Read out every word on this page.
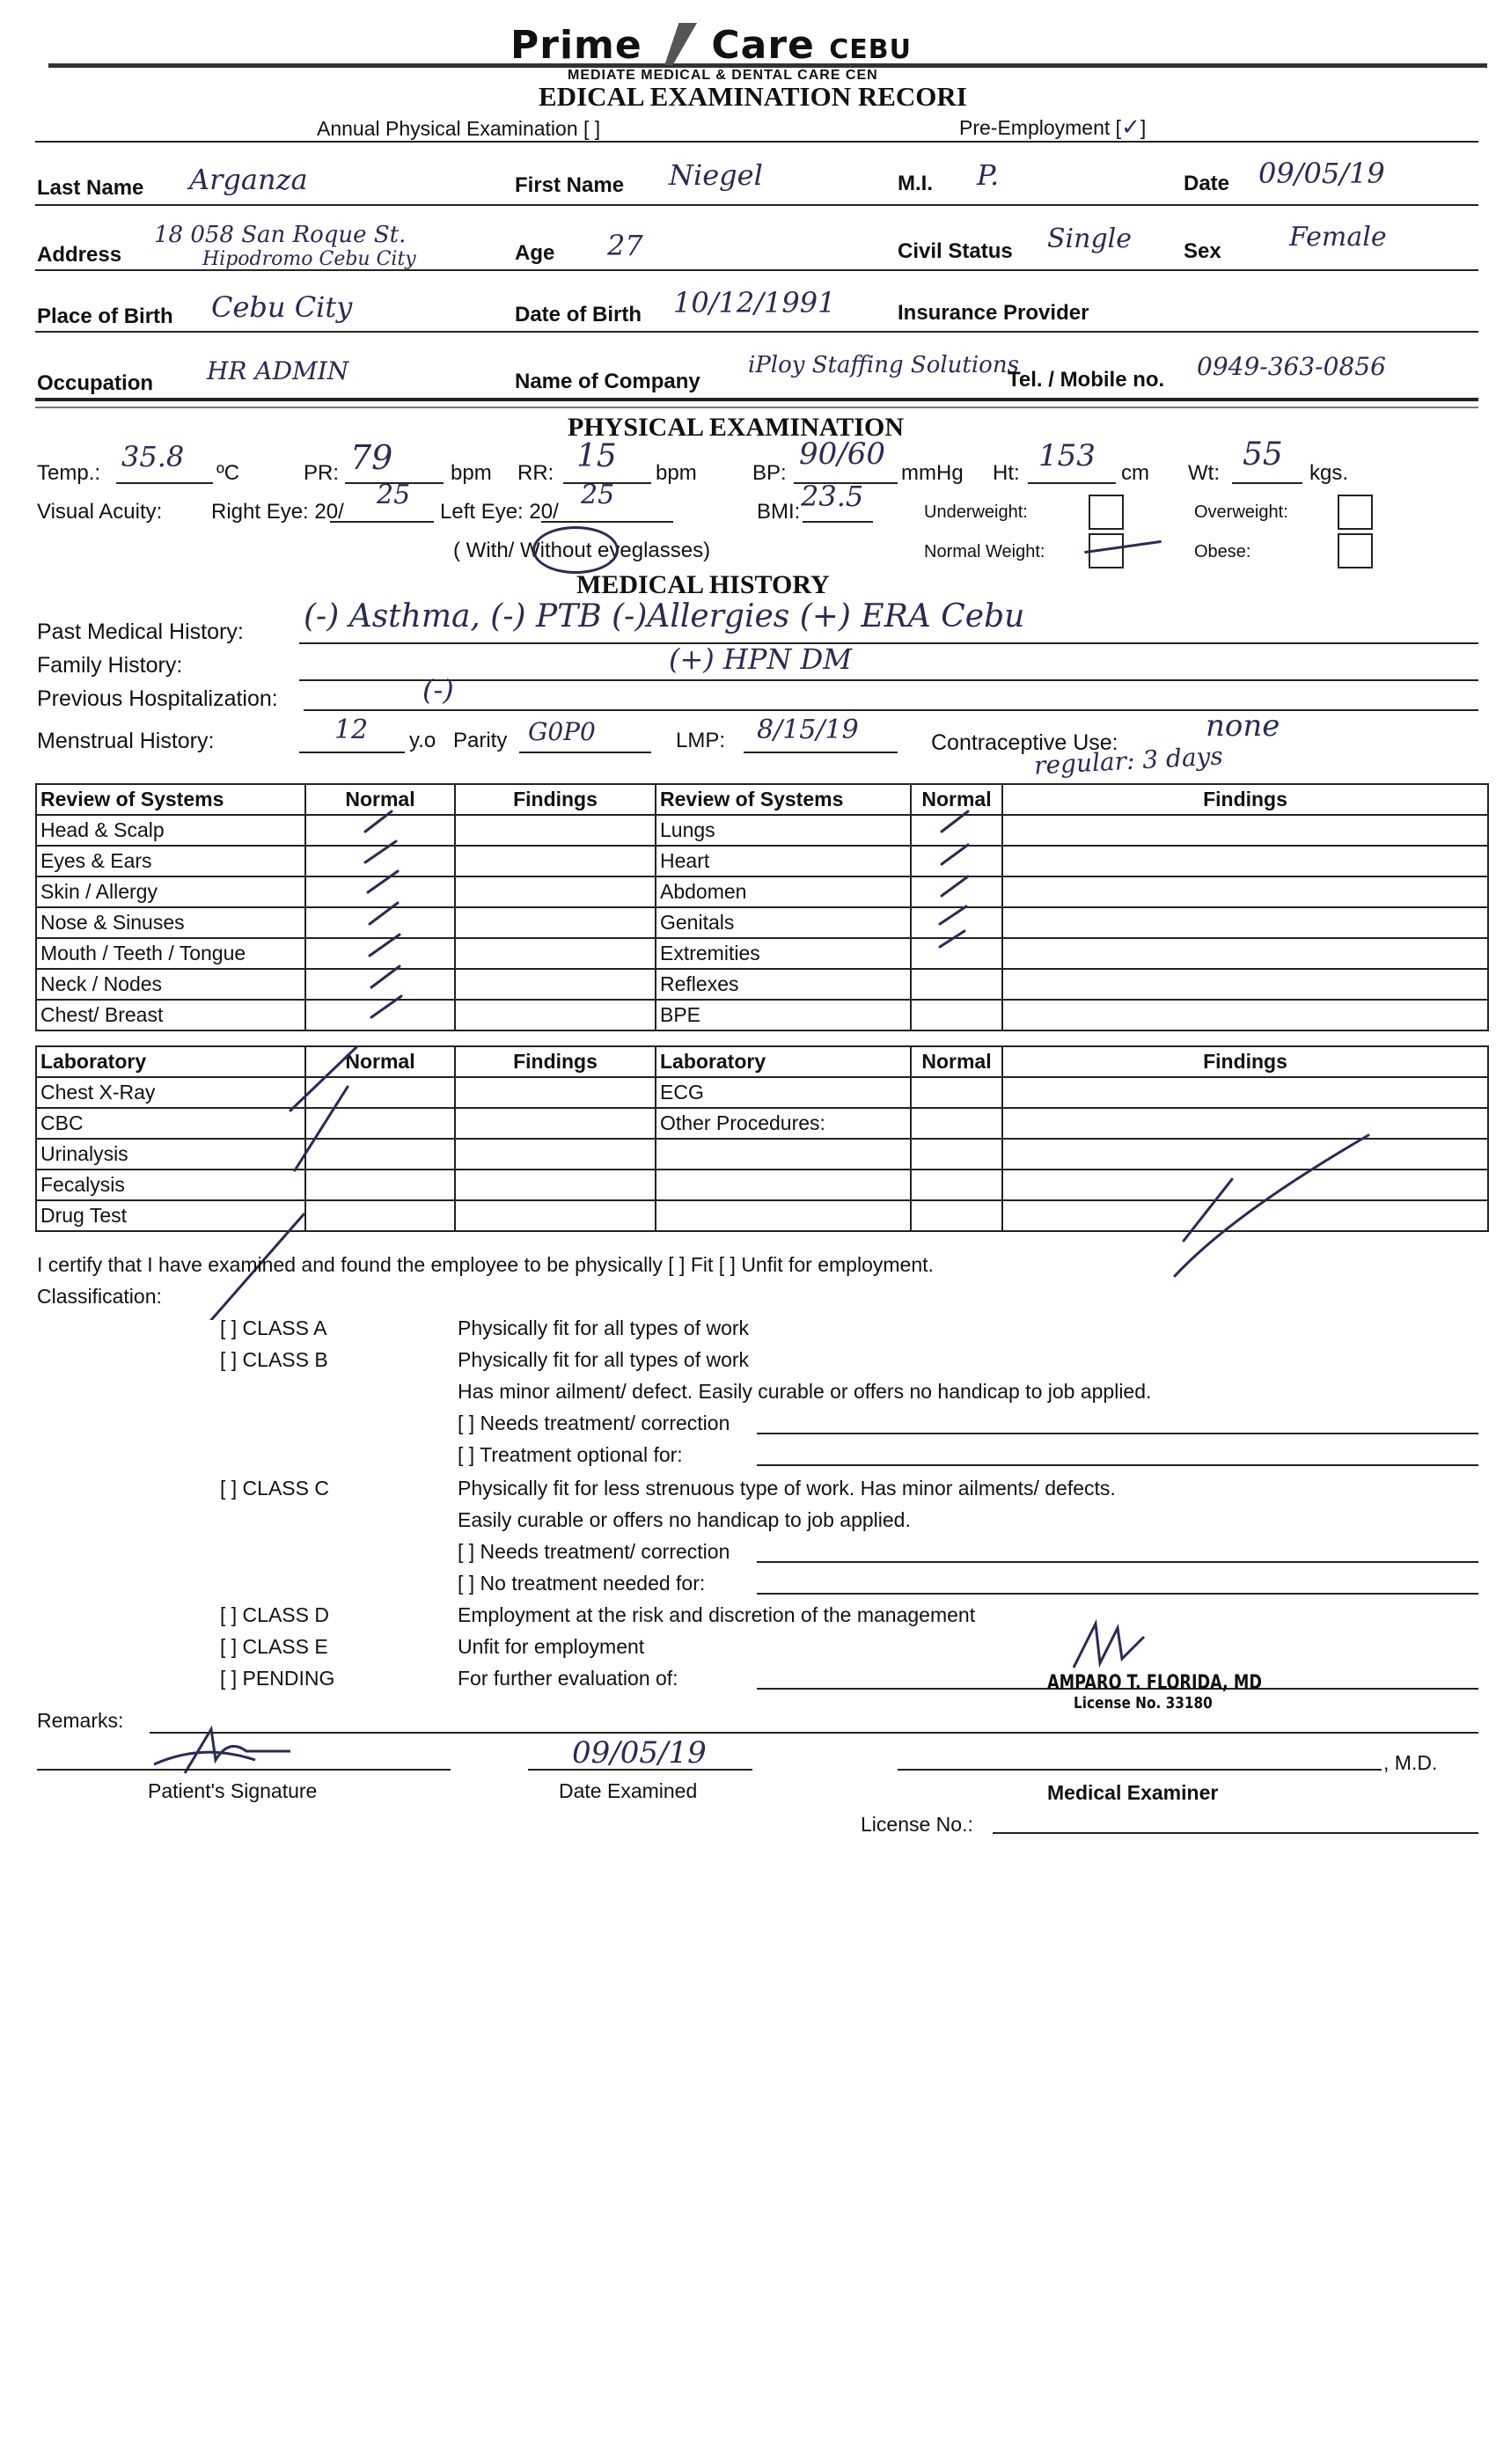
Prime Care CEBU
MEDIATE MEDICAL & DENTAL CARE CEN
EDICAL EXAMINATION RECORI
Annual Physical Examination [ ]	Pre-Employment [✓]
Last Name Arganza	First Name Niegel	M.I. P.	Date 09/05/19
Address
18 058 San Roque St.
Hipodromo Cebu City	Age 27	Civil Status Single Sex	Female
Place of Birth Cebu City	Date of Birth 10/12/1991	Insurance Provider
Occupation HR ADMIN	Name of Company
iPloy Staffing Solutions
Tel. / Mobile no. 0949-363-0856
PHYSICAL EXAMINATION
Temp.: 35.8 ºC	PR: 79	bpm RR: 15 bpm	BP:
90/60
mmHg Ht: 153 cm Wt:
55
kgs.
Visual Acuity: Right Eye: 20/
25
Left Eye: 20/
25
BMI: 23.5	Underweight:	Overweight:
Normal Weight:	Obese:
( With/ Without eyeglasses)
MEDICAL HISTORY
Past Medical History: (-) Asthma, (-) PTB (-)Allergies (+) ERA Cebu
Family History:	(+) HPN DM
Previous Hospitalization:	(-)
Menstrual History:	12 y.o Parity G0P0	LMP: 8/15/19	Contraceptive Use:	none
regular: 3 days
Review of Systems	Normal	Findings	Review of Systems	Normal	Findings
Head & Scalp			Lungs		
Eyes & Ears			Heart		
Skin / Allergy			Abdomen		
Nose & Sinuses			Genitals		
Mouth / Teeth / Tongue			Extremities		
Neck / Nodes			Reflexes		
Chest/ Breast			BPE		
Laboratory	Normal	Findings	Laboratory	Normal	Findings
Chest X-Ray			ECG		
CBC			Other Procedures:		
Urinalysis					
Fecalysis					
Drug Test					
I certify that I have examined and found the employee to be physically [ ] Fit [ ] Unfit for employment.
Classification:
[ ] CLASS A	Physically fit for all types of work
[ ] CLASS B	Physically fit for all types of work
Has minor ailment/ defect. Easily curable or offers no handicap to job applied.
[ ] Needs treatment/ correction
[ ] Treatment optional for:
[ ] CLASS C	Physically fit for less strenuous type of work. Has minor ailments/ defects.
Easily curable or offers no handicap to job applied.
[ ] Needs treatment/ correction
[ ] No treatment needed for:
[ ] CLASS D	Employment at the risk and discretion of the management
[ ] CLASS E	Unfit for employment
[ ] PENDING	For further evaluation of:
Remarks:
AMPARO T. FLORIDA, MD
License No. 33180
Patient's Signature
09/05/19
Date Examined
, M.D.
Medical Examiner
License No.:
